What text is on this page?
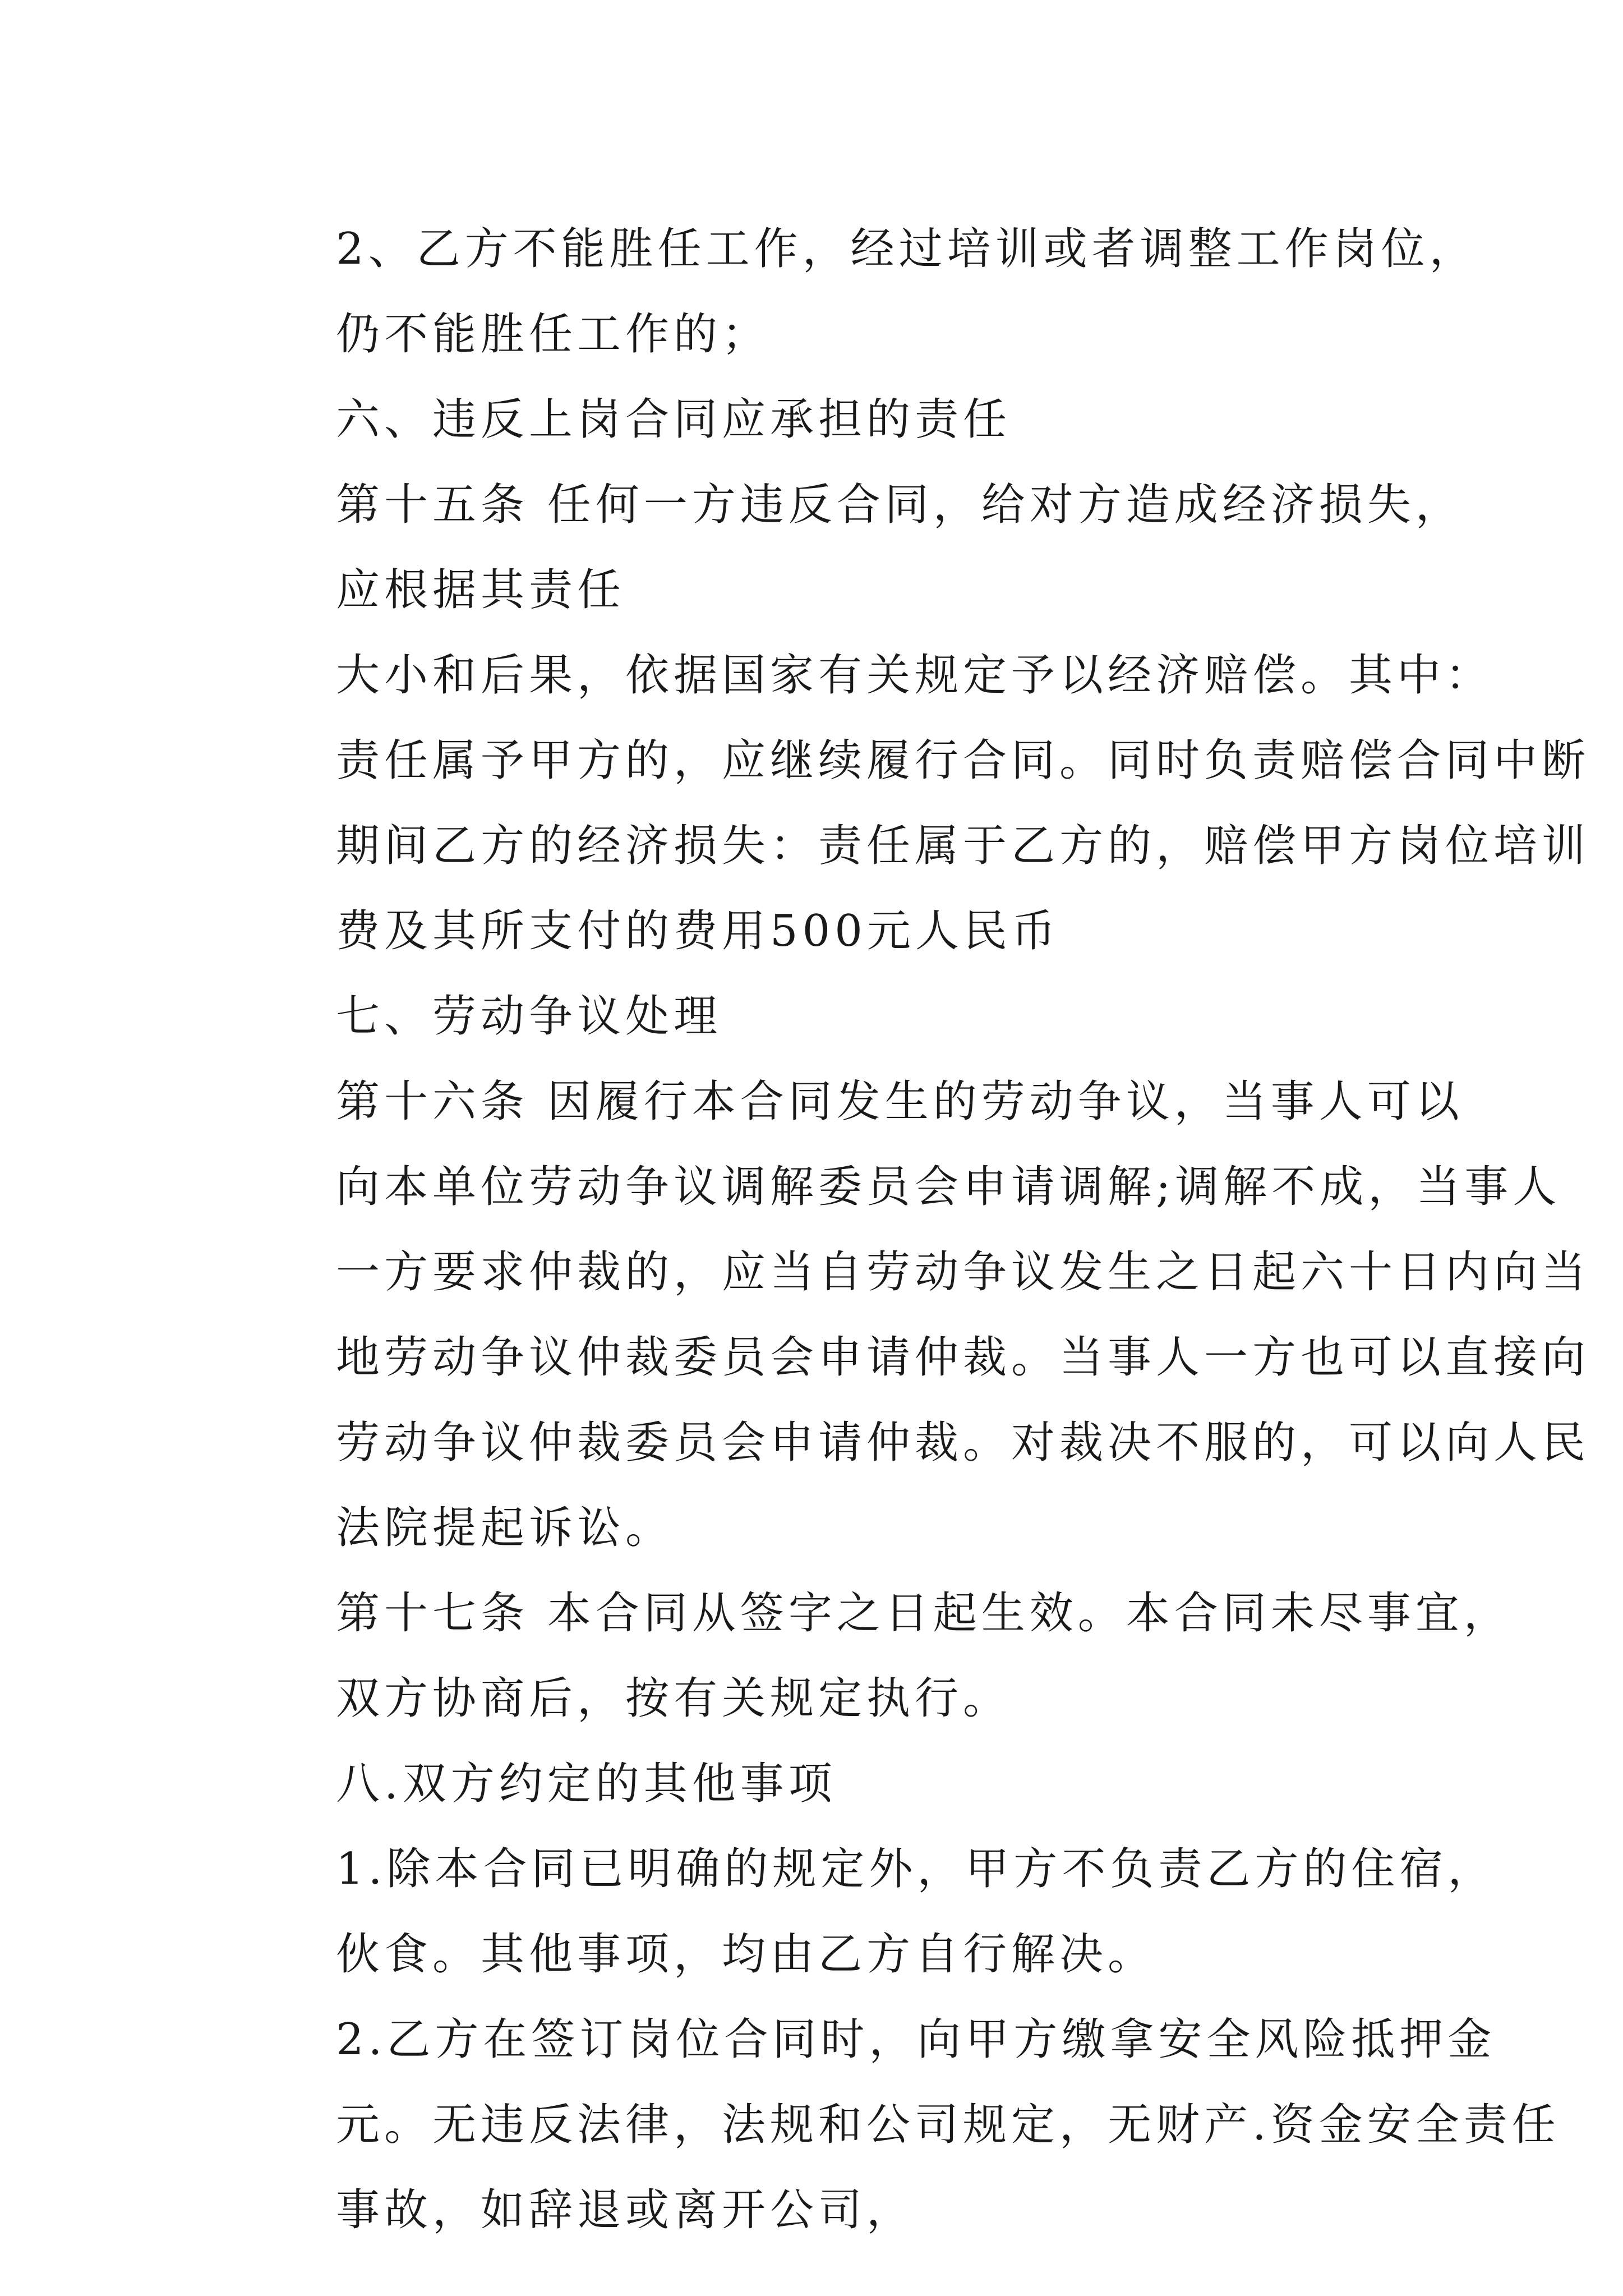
2、乙方不能胜任工作，经过培训或者调整工作岗位，
仍不能胜任工作的；

六、违反上岗合同应承担的责任

第十五条 任何一方违反合同，给对方造成经济损失，
应根据其责任

大小和后果，依据国家有关规定予以经济赔偿。其中：
责任属予甲方的，应继续履行合同。同时负责赔偿合同中断
期间乙方的经济损失：责任属于乙方的，赔偿甲方岗位培训
费及其所支付的费用500元人民币

七、劳动争议处理

第十六条 因履行本合同发生的劳动争议，当事人可以
向本单位劳动争议调解委员会申请调解;调解不成，当事人
一方要求仲裁的，应当自劳动争议发生之日起六十日内向当
地劳动争议仲裁委员会申请仲裁。当事人一方也可以直接向
劳动争议仲裁委员会申请仲裁。对裁决不服的，可以向人民
法院提起诉讼。

第十七条 本合同从签字之日起生效。本合同未尽事宜，
双方协商后，按有关规定执行。

八.双方约定的其他事项

1.除本合同已明确的规定外，甲方不负责乙方的住宿，
伙食。其他事项，均由乙方自行解决。

2.乙方在签订岗位合同时，向甲方缴拿安全风险抵押金
元。无违反法律，法规和公司规定，无财产.资金安全责任
事故，如辞退或离开公司，
